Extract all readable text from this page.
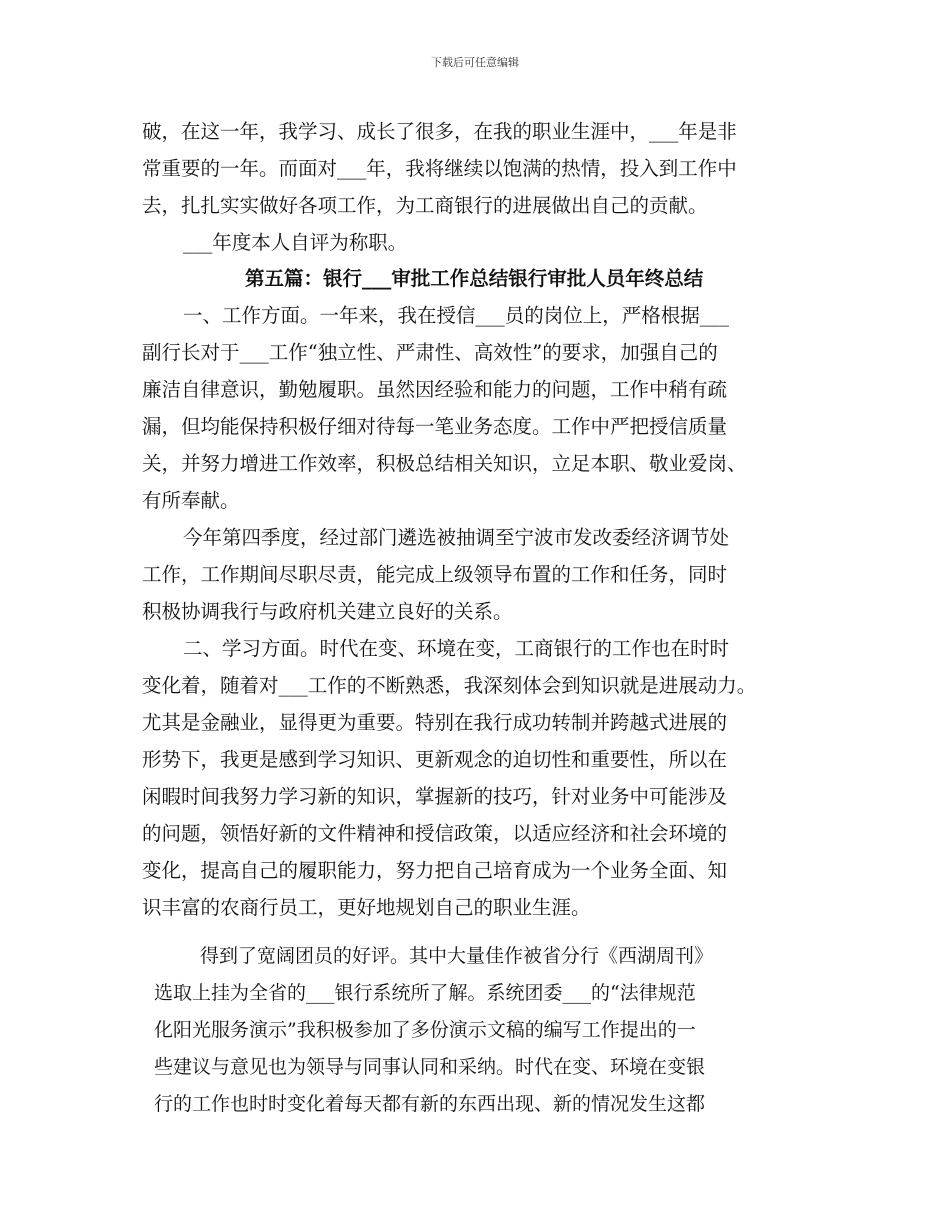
下载后可任意编辑
破，在这一年，我学习、成长了很多，在我的职业生涯中，___年是非
常重要的一年。而面对___年，我将继续以饱满的热情，投入到工作中
去，扎扎实实做好各项工作，为工商银行的进展做出自己的贡献。
___年度本人自评为称职。
第五篇：银行___审批工作总结银行审批人员年终总结
一、工作方面。一年来，我在授信___员的岗位上，严格根据___
副行长对于___工作“独立性、严肃性、高效性”的要求，加强自己的
廉洁自律意识，勤勉履职。虽然因经验和能力的问题，工作中稍有疏
漏，但均能保持积极仔细对待每一笔业务态度。工作中严把授信质量
关，并努力增进工作效率，积极总结相关知识，立足本职、敬业爱岗、
有所奉献。
今年第四季度，经过部门遴选被抽调至宁波市发改委经济调节处
工作，工作期间尽职尽责，能完成上级领导布置的工作和任务，同时
积极协调我行与政府机关建立良好的关系。
二、学习方面。时代在变、环境在变，工商银行的工作也在时时
变化着，随着对___工作的不断熟悉，我深刻体会到知识就是进展动力。
尤其是金融业，显得更为重要。特别在我行成功转制并跨越式进展的
形势下，我更是感到学习知识、更新观念的迫切性和重要性，所以在
闲暇时间我努力学习新的知识，掌握新的技巧，针对业务中可能涉及
的问题，领悟好新的文件精神和授信政策，以适应经济和社会环境的
变化，提高自己的履职能力，努力把自己培育成为一个业务全面、知
识丰富的农商行员工，更好地规划自己的职业生涯。
得到了宽阔团员的好评。其中大量佳作被省分行《西湖周刊》
选取上挂为全省的___银行系统所了解。系统团委___的“法律规范
化阳光服务演示”我积极参加了多份演示文稿的编写工作提出的一
些建议与意见也为领导与同事认同和采纳。时代在变、环境在变银
行的工作也时时变化着每天都有新的东西出现、新的情况发生这都
